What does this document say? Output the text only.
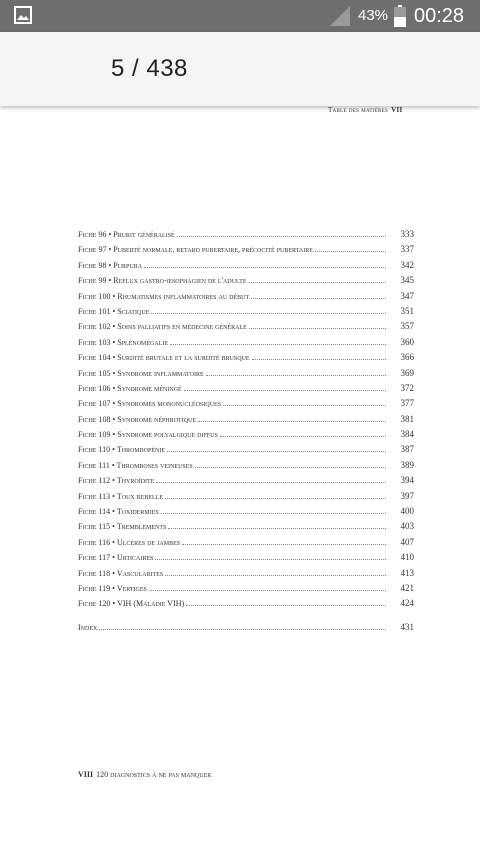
43% 00:28
5 / 438
Table des matières VII
Fiche 96 • Prurit généralisé	333
Fiche 97 • Puberté normale, retard pubertaire, précocité pubertaire	337
Fiche 98 • Purpura	342
Fiche 99 • Reflux gastro-œsophagien de l'adulte	345
Fiche 100 • Rhumatismes inflammatoires au début	347
Fiche 101 • Sciatique	351
Fiche 102 • Soins palliatifs en médecine générale	357
Fiche 103 • Splénomégalie	360
Fiche 104 • Surdité brutale et la surdité brusque	366
Fiche 105 • Syndrome inflammatoire	369
Fiche 106 • Syndrome méningé	372
Fiche 107 • Syndromes mononucléosiques	377
Fiche 108 • Syndrome néphrotique	381
Fiche 109 • Syndrome polyalgique diffus	384
Fiche 110 • Thrombopénie	387
Fiche 111 • Thromboses veineuses	389
Fiche 112 • Thyroïdite	394
Fiche 113 • Toux rebelle	397
Fiche 114 • Toxidermies	400
Fiche 115 • Tremblements	403
Fiche 116 • Ulcères de jambes	407
Fiche 117 • Urticaires	410
Fiche 118 • Vascularites	413
Fiche 119 • Vertiges	421
Fiche 120 • VIH (Maladie VIH)	424
Index	431
VIII 120 diagnostics à ne pas manquer
